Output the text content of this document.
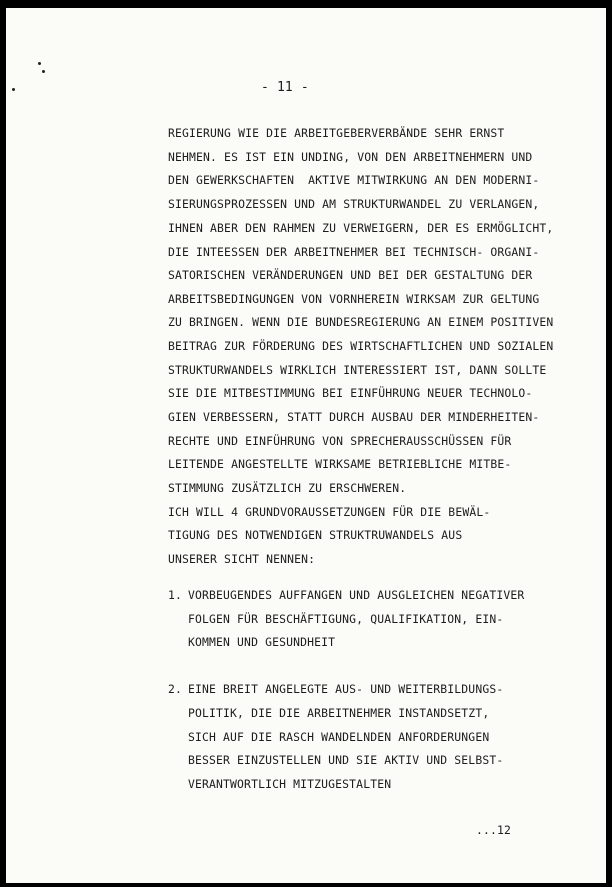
- 11 -
REGIERUNG WIE DIE ARBEITGEBERVERBÄNDE SEHR ERNST
NEHMEN. ES IST EIN UNDING, VON DEN ARBEITNEHMERN UND
DEN GEWERKSCHAFTEN  AKTIVE MITWIRKUNG AN DEN MODERNI-
SIERUNGSPROZESSEN UND AM STRUKTURWANDEL ZU VERLANGEN,
IHNEN ABER DEN RAHMEN ZU VERWEIGERN, DER ES ERMÖGLICHT,
DIE INTEESSEN DER ARBEITNEHMER BEI TECHNISCH- ORGANI-
SATORISCHEN VERÄNDERUNGEN UND BEI DER GESTALTUNG DER
ARBEITSBEDINGUNGEN VON VORNHEREIN WIRKSAM ZUR GELTUNG
ZU BRINGEN. WENN DIE BUNDESREGIERUNG AN EINEM POSITIVEN
BEITRAG ZUR FÖRDERUNG DES WIRTSCHAFTLICHEN UND SOZIALEN
STRUKTURWANDELS WIRKLICH INTERESSIERT IST, DANN SOLLTE
SIE DIE MITBESTIMMUNG BEI EINFÜHRUNG NEUER TECHNOLO-
GIEN VERBESSERN, STATT DURCH AUSBAU DER MINDERHEITEN-
RECHTE UND EINFÜHRUNG VON SPRECHERAUSSCHÜSSEN FÜR
LEITENDE ANGESTELLTE WIRKSAME BETRIEBLICHE MITBE-
STIMMUNG ZUSÄTZLICH ZU ERSCHWEREN.
ICH WILL 4 GRUNDVORAUSSETZUNGEN FÜR DIE BEWÄL-
TIGUNG DES NOTWENDIGEN STRUKTRUWANDELS AUS
UNSERER SICHT NENNEN:
1. VORBEUGENDES AUFFANGEN UND AUSGLEICHEN NEGATIVER
FOLGEN FÜR BESCHÄFTIGUNG, QUALIFIKATION, EIN-
KOMMEN UND GESUNDHEIT
2. EINE BREIT ANGELEGTE AUS- UND WEITERBILDUNGS-
POLITIK, DIE DIE ARBEITNEHMER INSTANDSETZT,
SICH AUF DIE RASCH WANDELNDEN ANFORDERUNGEN
BESSER EINZUSTELLEN UND SIE AKTIV UND SELBST-
VERANTWORTLICH MITZUGESTALTEN
...12
